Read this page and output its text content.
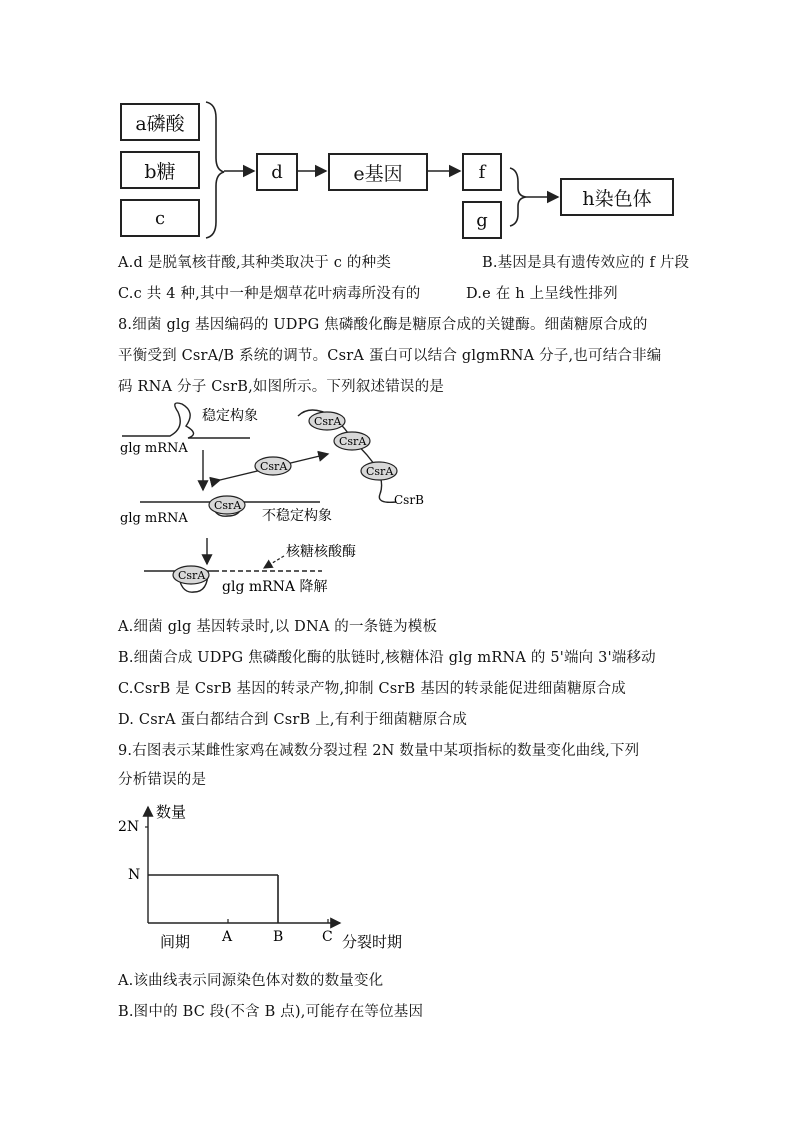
a磷酸
b糖
c
d	e基因	f
g
h染色体
A.d 是脱氧核苷酸,其种类取决于 c 的种类	B.基因是具有遗传效应的 f 片段
C.c 共 4 种,其中一种是烟草花叶病毒所没有的	D.e 在 h 上呈线性排列
8.细菌 glg 基因编码的 UDPG 焦磷酸化酶是糖原合成的关键酶。细菌糖原合成的
平衡受到 CsrA/B 系统的调节。CsrA 蛋白可以结合 glgmRNA 分子,也可结合非编
码 RNA 分子 CsrB,如图所示。下列叙述错误的是
稳定构象
glg mRNA
CsrA
CsrA
CsrA
CsrA
CsrB
CsrA
glg mRNA	不稳定构象
CsrA
核糖核酸酶
glg mRNA 降解
A.细菌 glg 基因转录时,以 DNA 的一条链为模板
B.细菌合成 UDPG 焦磷酸化酶的肽链时,核糖体沿 glg mRNA 的 5'端向 3'端移动
C.CsrB 是 CsrB 基因的转录产物,抑制 CsrB 基因的转录能促进细菌糖原合成
D. CsrA 蛋白都结合到 CsrB 上,有利于细菌糖原合成
9.右图表示某雌性家鸡在减数分裂过程 2N 数量中某项指标的数量变化曲线,下列
分析错误的是
数量
分裂时期
2N
N
间期 A	B	C
A.该曲线表示同源染色体对数的数量变化
B.图中的 BC 段(不含 B 点),可能存在等位基因
